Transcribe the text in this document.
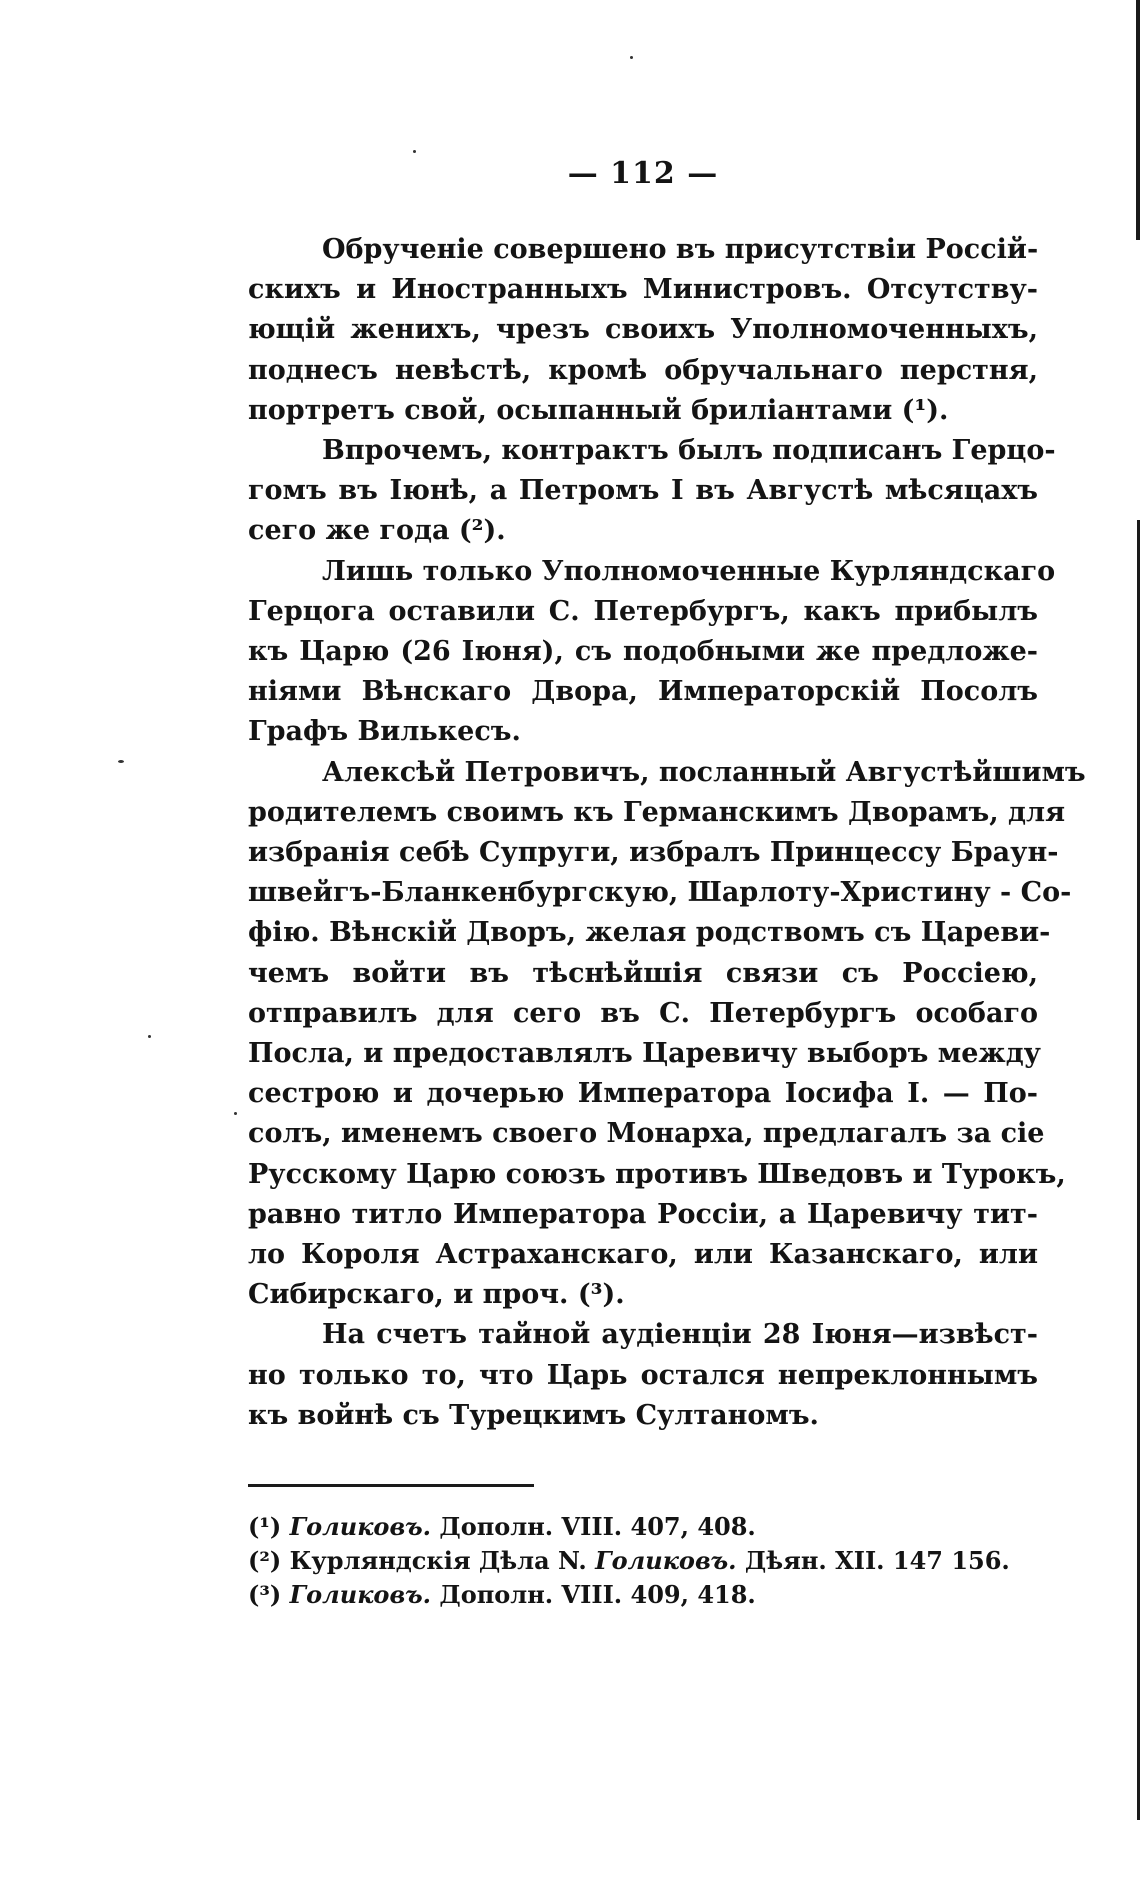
— 112 —

Обрученіе совершено въ присутствіи Россій-
скихъ и Иностранныхъ Министровъ. Отсутству-
ющій женихъ, чрезъ своихъ Уполномоченныхъ,
поднесъ невѣстѣ, кромѣ обручальнаго перстня,
портретъ свой, осыпанный бриліантами (¹).

Впрочемъ, контрактъ былъ подписанъ Герцо-
гомъ въ Іюнѣ, а Петромъ I въ Августѣ мѣсяцахъ
сего же года (²).

Лишь только Уполномоченные Курляндскаго
Герцога оставили С. Петербургъ, какъ прибылъ
къ Царю (26 Іюня), съ подобными же предложе-
ніями Вѣнскаго Двора, Императорскій Посолъ
Графъ Вилькесъ.

Алексѣй Петровичъ, посланный Августѣйшимъ
родителемъ своимъ къ Германскимъ Дворамъ, для
избранія себѣ Супруги, избралъ Принцессу Браун-
швейгъ-Бланкенбургскую, Шарлоту-Христину - Со-
фію. Вѣнскій Дворъ, желая родствомъ съ Цареви-
чемъ войти въ тѣснѣйшія связи съ Россіею,
отправилъ для сего въ С. Петербургъ особаго
Посла, и предоставлялъ Царевичу выборъ между
сестрою и дочерью Императора Іосифа I. — По-
солъ, именемъ своего Монарха, предлагалъ за сіе
Русскому Царю союзъ противъ Шведовъ и Турокъ,
равно титло Императора Россіи, а Царевичу тит-
ло Короля Астраханскаго, или Казанскаго, или
Сибирскаго, и проч. (³).

На счетъ тайной аудіенціи 28 Іюня—извѣст-
но только то, что Царь остался непреклоннымъ
къ войнѣ съ Турецкимъ Султаномъ.

(¹) Голиковъ. Дополн. VIII. 407, 408.
(²) Курляндскія Дѣла N. Голиковъ. Дѣян. XII. 147 156.
(³) Голиковъ. Дополн. VIII. 409, 418.
